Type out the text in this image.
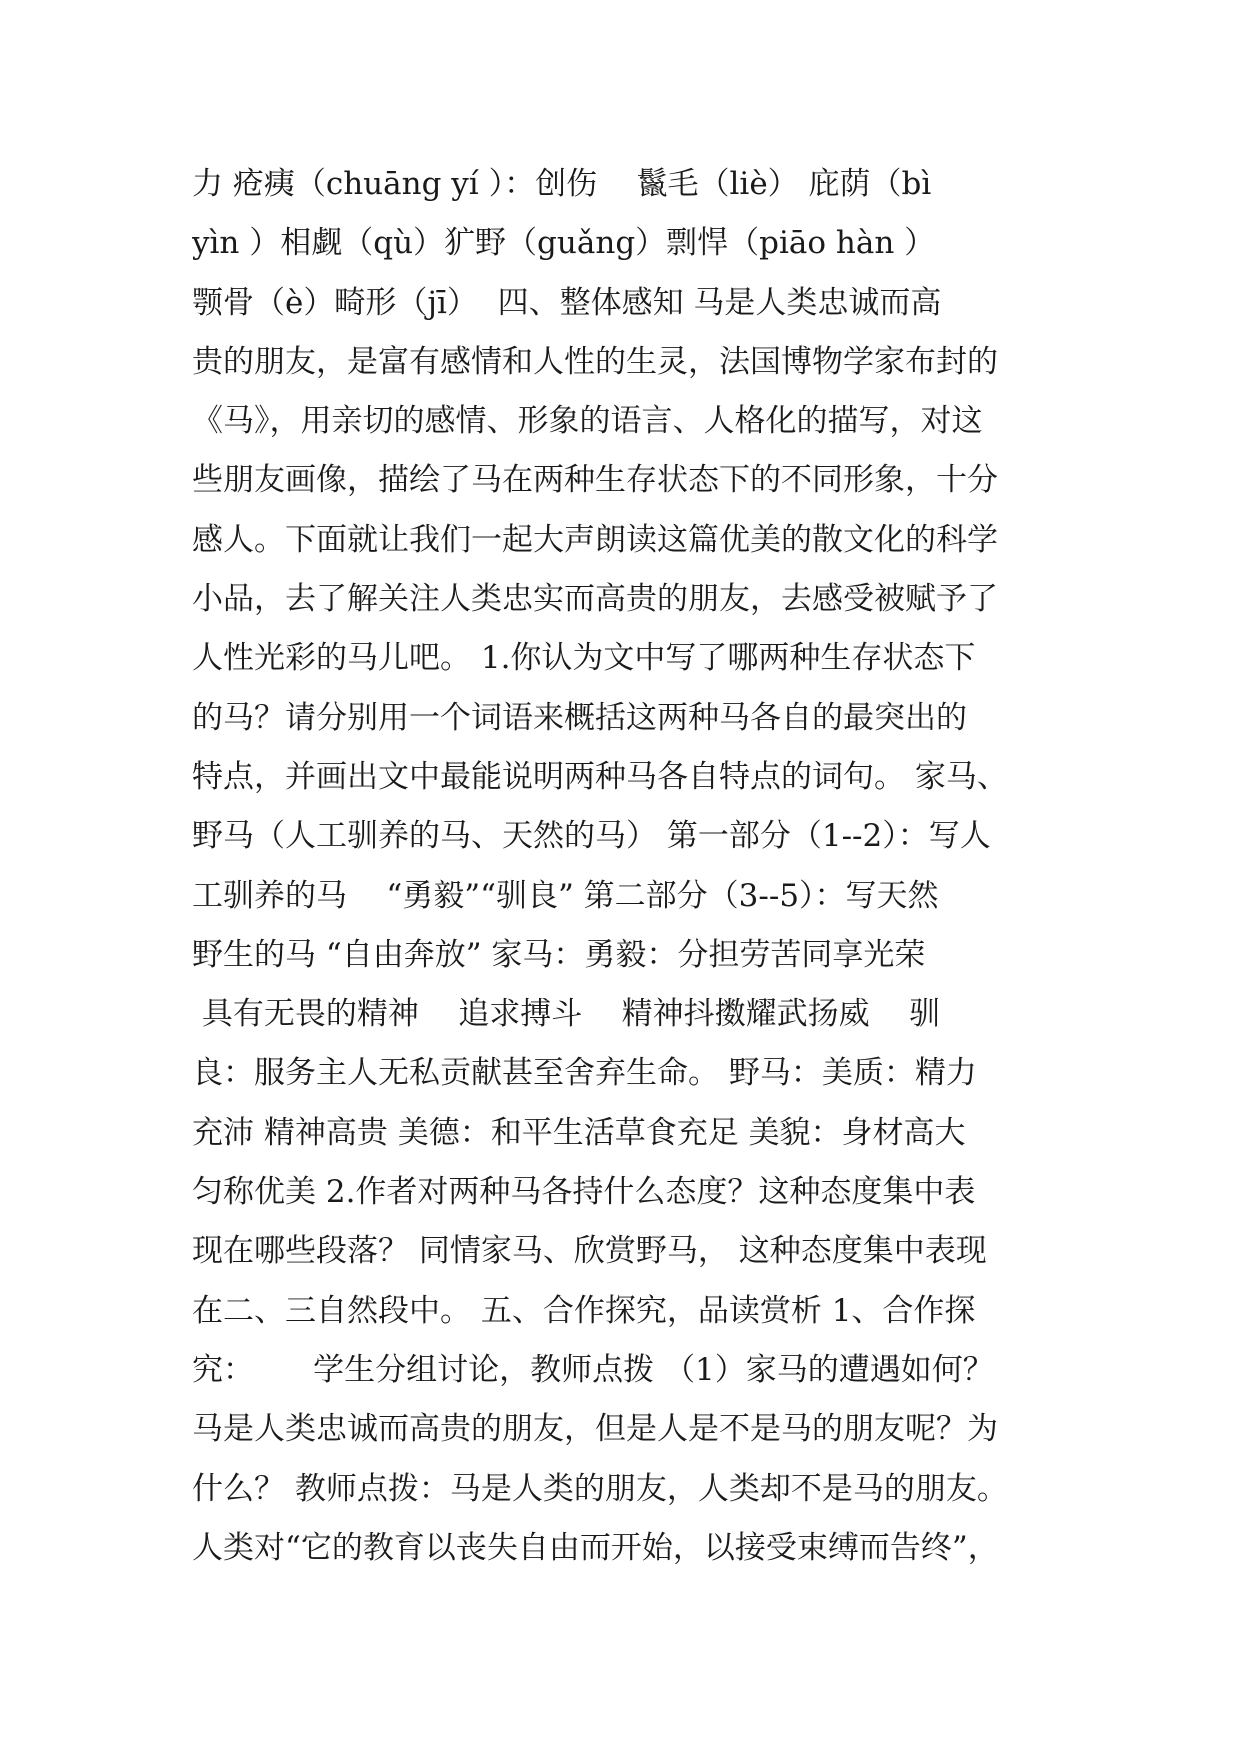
力 疮痍（chuāng yí ）：创伤    鬣毛（liè） 庇荫（bì
yìn ）相觑（qù）犷野（guǎng）剽悍（piāo hàn ）
颚骨（è）畸形（jī）  四、整体感知 马是人类忠诚而高
贵的朋友，是富有感情和人性的生灵，法国博物学家布封的
《马》，用亲切的感情、形象的语言、人格化的描写，对这
些朋友画像，描绘了马在两种生存状态下的不同形象，十分
感人。下面就让我们一起大声朗读这篇优美的散文化的科学
小品，去了解关注人类忠实而高贵的朋友，去感受被赋予了
人性光彩的马儿吧。 1.你认为文中写了哪两种生存状态下
的马？请分别用一个词语来概括这两种马各自的最突出的
特点，并画出文中最能说明两种马各自特点的词句。 家马、
野马（人工驯养的马、天然的马） 第一部分（1--2）：写人
工驯养的马    “勇毅”“驯良” 第二部分（3--5）：写天然
野生的马 “自由奔放” 家马：勇毅：分担劳苦同享光荣
具有无畏的精神    追求搏斗    精神抖擞耀武扬威    驯
良：服务主人无私贡献甚至舍弃生命。 野马：美质：精力
充沛 精神高贵 美德：和平生活草食充足 美貌：身材高大
匀称优美 2.作者对两种马各持什么态度？这种态度集中表
现在哪些段落？ 同情家马、欣赏野马， 这种态度集中表现
在二、三自然段中。 五、合作探究，品读赏析 1、合作探
究：      学生分组讨论，教师点拨 （1）家马的遭遇如何？
马是人类忠诚而高贵的朋友，但是人是不是马的朋友呢？为
什么？ 教师点拨：马是人类的朋友，人类却不是马的朋友。
人类对“它的教育以丧失自由而开始，以接受束缚而告终”，
